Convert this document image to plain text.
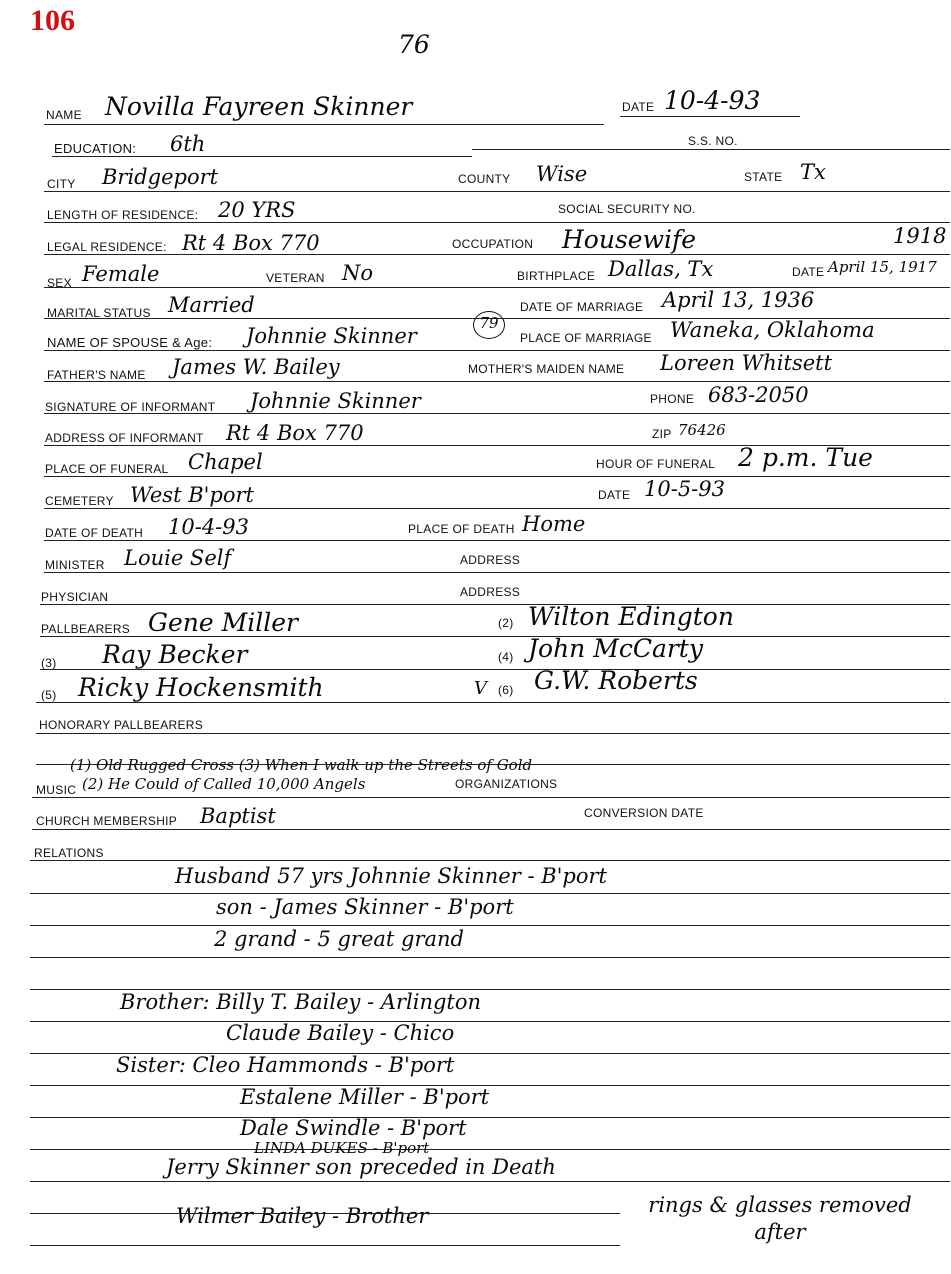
106
76
NAME Novilla Fayreen Skinner	DATE 10-4-93
EDUCATION: 6th	S.S. NO.
CITY Bridgeport	COUNTY Wise	STATE Tx
LENGTH OF RESIDENCE: 20 YRS	SOCIAL SECURITY NO.
LEGAL RESIDENCE: Rt 4 Box 770	OCCUPATION Housewife	1918
SEX Female	VETERAN No	BIRTHPLACE Dallas, Tx	DATE April 15, 1917
MARITAL STATUS Married	DATE OF MARRIAGE April 13, 1936
NAME OF SPOUSE & Age: Johnnie Skinner
79
PLACE OF MARRIAGE Waneka, Oklahoma
FATHER'S NAME James W. Bailey	MOTHER'S MAIDEN NAME Loreen Whitsett
SIGNATURE OF INFORMANT Johnnie Skinner	PHONE 683-2050
ADDRESS OF INFORMANT Rt 4 Box 770	ZIP 76426
PLACE OF FUNERAL Chapel	HOUR OF FUNERAL 2 p.m. Tue
CEMETERY West B'port	DATE 10-5-93
DATE OF DEATH 10-4-93	PLACE OF DEATH Home
MINISTER Louie Self	ADDRESS
PHYSICIAN	ADDRESS
PALLBEARERS Gene Miller	(2) Wilton Edington
(3) Ray Becker	(4) John McCarty
(5) Ricky Hockensmith	V (6) G.W. Roberts
HONORARY PALLBEARERS
(1) Old Rugged Cross (3) When I walk up the Streets of Gold
MUSIC (2) He Could of Called 10,000 Angels	ORGANIZATIONS
CHURCH MEMBERSHIP Baptist	CONVERSION DATE
RELATIONS
Husband 57 yrs Johnnie Skinner - B'port
son - James Skinner - B'port
2 grand - 5 great grand
Brother: Billy T. Bailey - Arlington
Claude Bailey - Chico
Sister: Cleo Hammonds - B'port
Estalene Miller - B'port
Dale Swindle - B'port
LINDA DUKES - B'port
Jerry Skinner son preceded in Death
Wilmer Bailey - Brother	rings & glasses removed after
